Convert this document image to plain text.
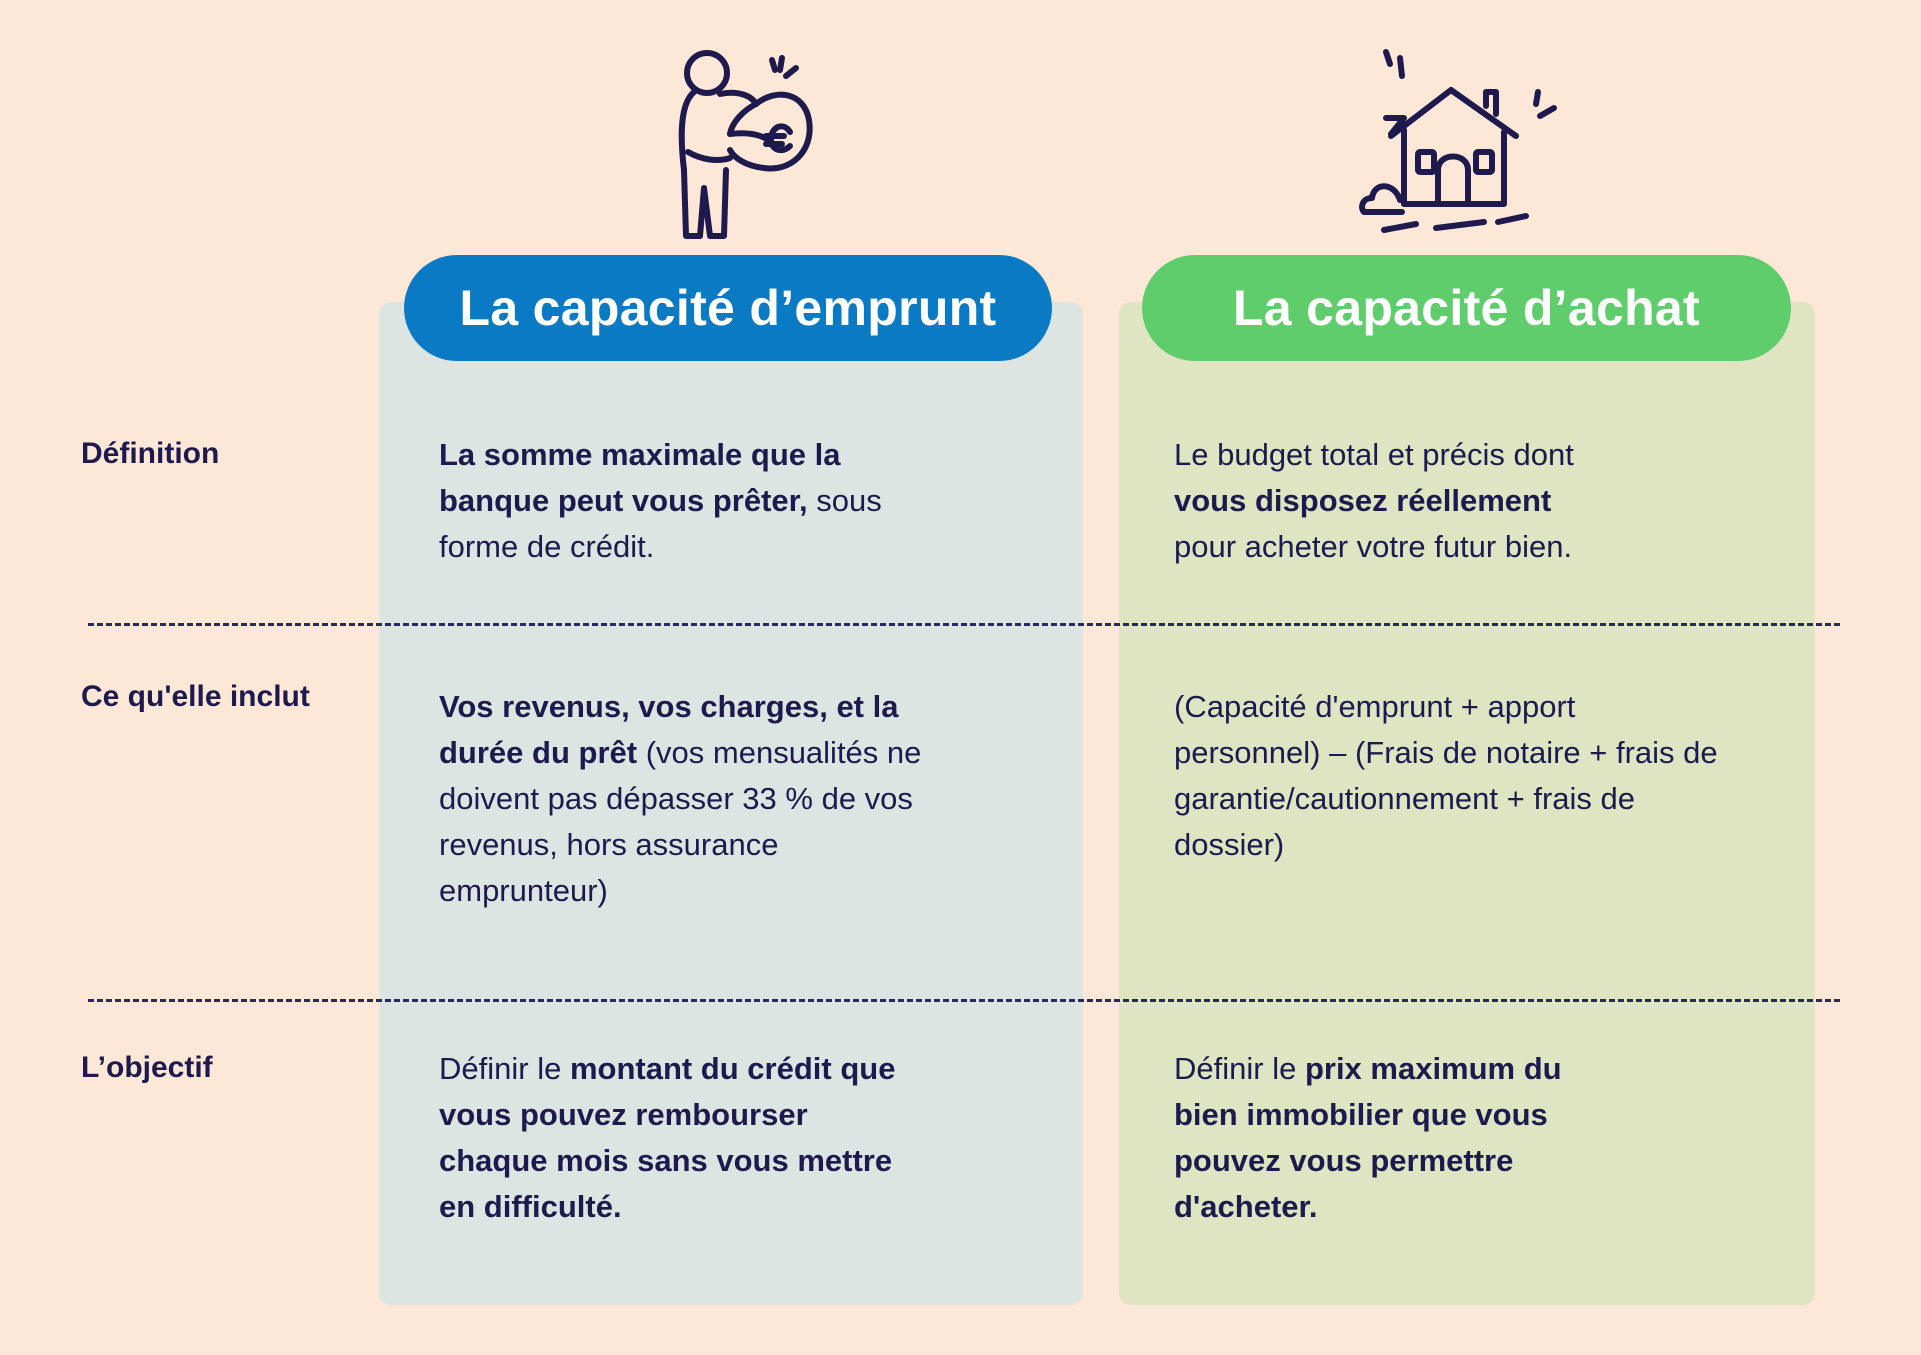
La capacité d’emprunt	La capacité d’achat
Définition
Ce qu'elle inclut
L’objectif
La somme maximale que la
banque peut vous prêter, sous
forme de crédit.
Le budget total et précis dont
vous disposez réellement
pour acheter votre futur bien.
Vos revenus, vos charges, et la
durée du prêt (vos mensualités ne
doivent pas dépasser 33 % de vos
revenus, hors assurance
emprunteur)
(Capacité d'emprunt + apport
personnel) – (Frais de notaire + frais de
garantie/cautionnement + frais de
dossier)
Définir le montant du crédit que
vous pouvez rembourser
chaque mois sans vous mettre
en difficulté.
Définir le prix maximum du
bien immobilier que vous
pouvez vous permettre
d'acheter.
